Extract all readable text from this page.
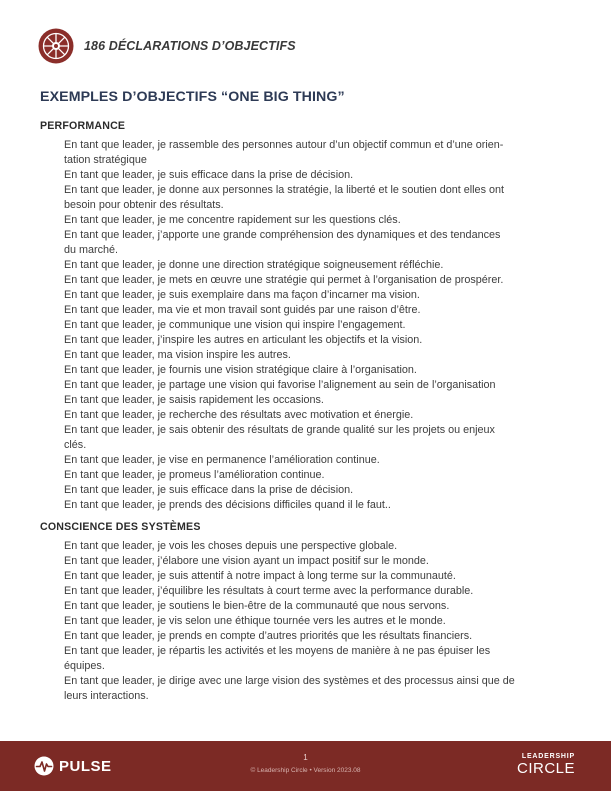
186 DÉCLARATIONS D’OBJECTIFS
EXEMPLES D’OBJECTIFS “ONE BIG THING”
PERFORMANCE
En tant que leader, je rassemble des personnes autour d’un objectif commun et d’une orien-
tation stratégique
En tant que leader, je suis efficace dans la prise de décision.
En tant que leader, je donne aux personnes la stratégie, la liberté et le soutien dont elles ont
besoin pour obtenir des résultats.
En tant que leader, je me concentre rapidement sur les questions clés.
En tant que leader, j’apporte une grande compréhension des dynamiques et des tendances
du marché.
En tant que leader, je donne une direction stratégique soigneusement réfléchie.
En tant que leader, je mets en œuvre une stratégie qui permet à l’organisation de prospérer.
En tant que leader, je suis exemplaire dans ma façon d’incarner ma vision.
En tant que leader, ma vie et mon travail sont guidés par une raison d’être.
En tant que leader, je communique une vision qui inspire l’engagement.
En tant que leader, j’inspire les autres en articulant les objectifs et la vision.
En tant que leader, ma vision inspire les autres.
En tant que leader, je fournis une vision stratégique claire à l’organisation.
En tant que leader, je partage une vision qui favorise l’alignement au sein de l’organisation
En tant que leader, je saisis rapidement les occasions.
En tant que leader, je recherche des résultats avec motivation et énergie.
En tant que leader, je sais obtenir des résultats de grande qualité sur les projets ou enjeux
clés.
En tant que leader, je vise en permanence l’amélioration continue.
En tant que leader, je promeus l’amélioration continue.
En tant que leader, je suis efficace dans la prise de décision.
En tant que leader, je prends des décisions difficiles quand il le faut..
CONSCIENCE DES SYSTÈMES
En tant que leader, je vois les choses depuis une perspective globale.
En tant que leader, j’élabore une vision ayant un impact positif sur le monde.
En tant que leader, je suis attentif à notre impact à long terme sur la communauté.
En tant que leader, j’équilibre les résultats à court terme avec la performance durable.
En tant que leader, je soutiens le bien-être de la communauté que nous servons.
En tant que leader, je vis selon une éthique tournée vers les autres et le monde.
En tant que leader, je prends en compte d’autres priorités que les résultats financiers.
En tant que leader, je répartis les activités et les moyens de manière à ne pas épuiser les
équipes.
En tant que leader, je dirige avec une large vision des systèmes et des processus ainsi que de
leurs interactions.
PULSE	1
© Leadership Circle • Version 2023.08
LEADERSHIP
CIRCLE
